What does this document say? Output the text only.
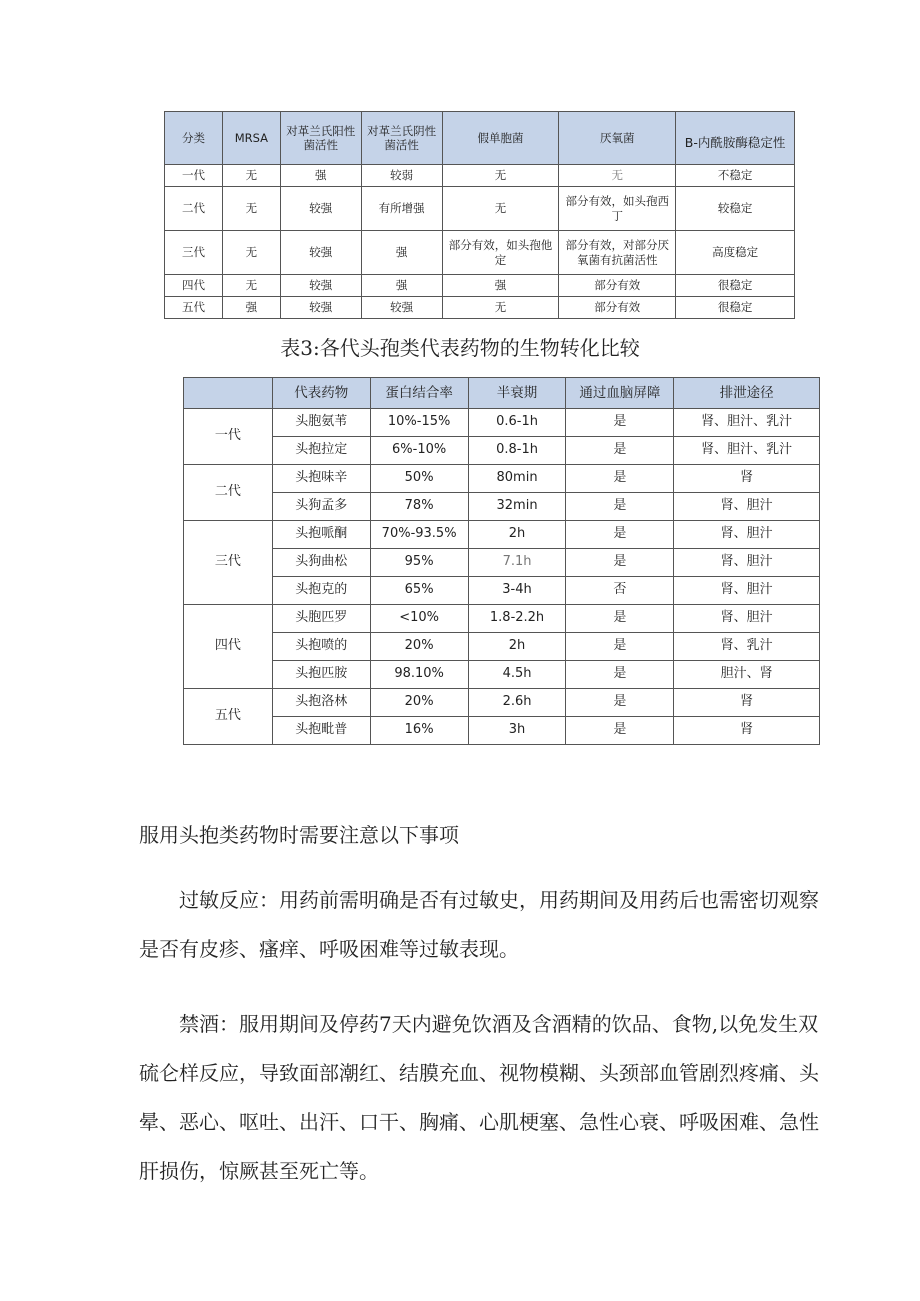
分类	MRSA	对革兰氏阳性菌活性	对革兰氏阴性菌活性	假单胞菌	厌氧菌	B-内酰胺酶稳定性
一代	无	强	较弱	无	无	不稳定
二代	无	较强	有所增强	无	部分有效，如头孢西丁	较稳定
三代	无	较强	强	部分有效，如头孢他定	部分有效，对部分厌氧菌有抗菌活性	高度稳定
四代	无	较强	强	强	部分有效	很稳定
五代	强	较强	较强	无	部分有效	很稳定
表3:各代头孢类代表药物的生物转化比较
	代表药物	蛋白结合率	半衰期	通过血脑屏障	排泄途径
一代	头胞氨苇	10%-15%	0.6-1h	是	肾、胆汁、乳汁
	头抱拉定	6%-10%	0.8-1h	是	肾、胆汁、乳汁
二代	头抱味辛	50%	80min	是	肾
	头狗孟多	78%	32min	是	肾、胆汁
三代	头抱哌酮	70%-93.5%	2h	是	肾、胆汁
	头狗曲松	95%	7.1h	是	肾、胆汁
	头抱克的	65%	3-4h	否	肾、胆汁
四代	头胞匹罗	<10%	1.8-2.2h	是	肾、胆汁
	头抱喷的	20%	2h	是	肾、乳汁
	头抱匹胺	98.10%	4.5h	是	胆汁、肾
五代	头抱洛林	20%	2.6h	是	肾
	头抱毗普	16%	3h	是	肾
服用头抱类药物时需要注意以下事项
过敏反应：用药前需明确是否有过敏史，用药期间及用药后也需密切观察是否有皮疹、瘙痒、呼吸困难等过敏表现。
禁酒：服用期间及停药7天内避免饮酒及含酒精的饮品、食物,以免发生双硫仑样反应，导致面部潮红、结膜充血、视物模糊、头颈部血管剧烈疼痛、头晕、恶心、呕吐、出汗、口干、胸痛、心肌梗塞、急性心衰、呼吸困难、急性肝损伤，惊厥甚至死亡等。
